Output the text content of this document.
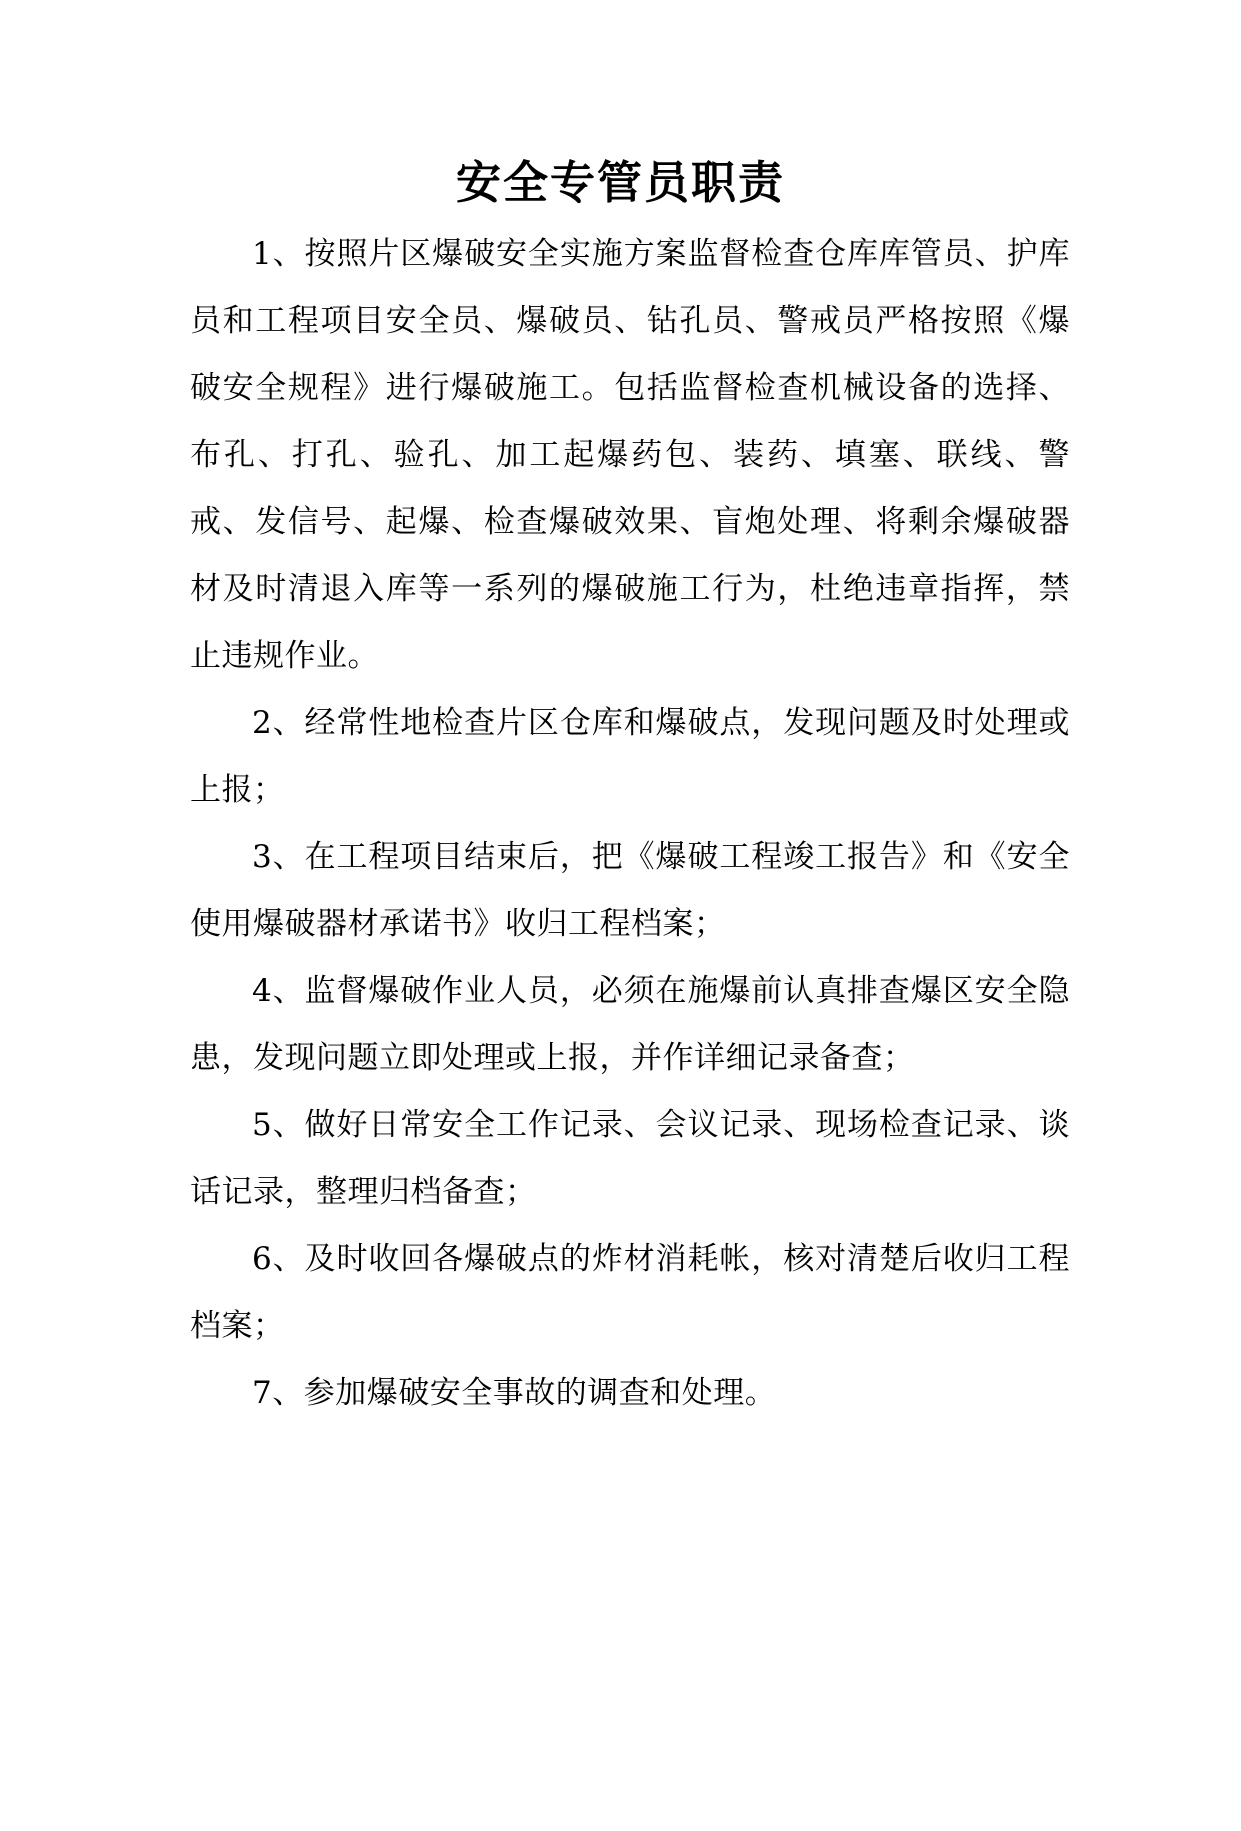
安全专管员职责

1、按照片区爆破安全实施方案监督检查仓库库管员、护库员和工程项目安全员、爆破员、钻孔员、警戒员严格按照《爆破安全规程》进行爆破施工。包括监督检查机械设备的选择、布孔、打孔、验孔、加工起爆药包、装药、填塞、联线、警戒、发信号、起爆、检查爆破效果、盲炮处理、将剩余爆破器材及时清退入库等一系列的爆破施工行为，杜绝违章指挥，禁止违规作业。

2、经常性地检查片区仓库和爆破点，发现问题及时处理或上报；

3、在工程项目结束后，把《爆破工程竣工报告》和《安全使用爆破器材承诺书》收归工程档案；

4、监督爆破作业人员，必须在施爆前认真排查爆区安全隐患，发现问题立即处理或上报，并作详细记录备查；

5、做好日常安全工作记录、会议记录、现场检查记录、谈话记录，整理归档备查；

6、及时收回各爆破点的炸材消耗帐，核对清楚后收归工程档案；

7、参加爆破安全事故的调查和处理。
